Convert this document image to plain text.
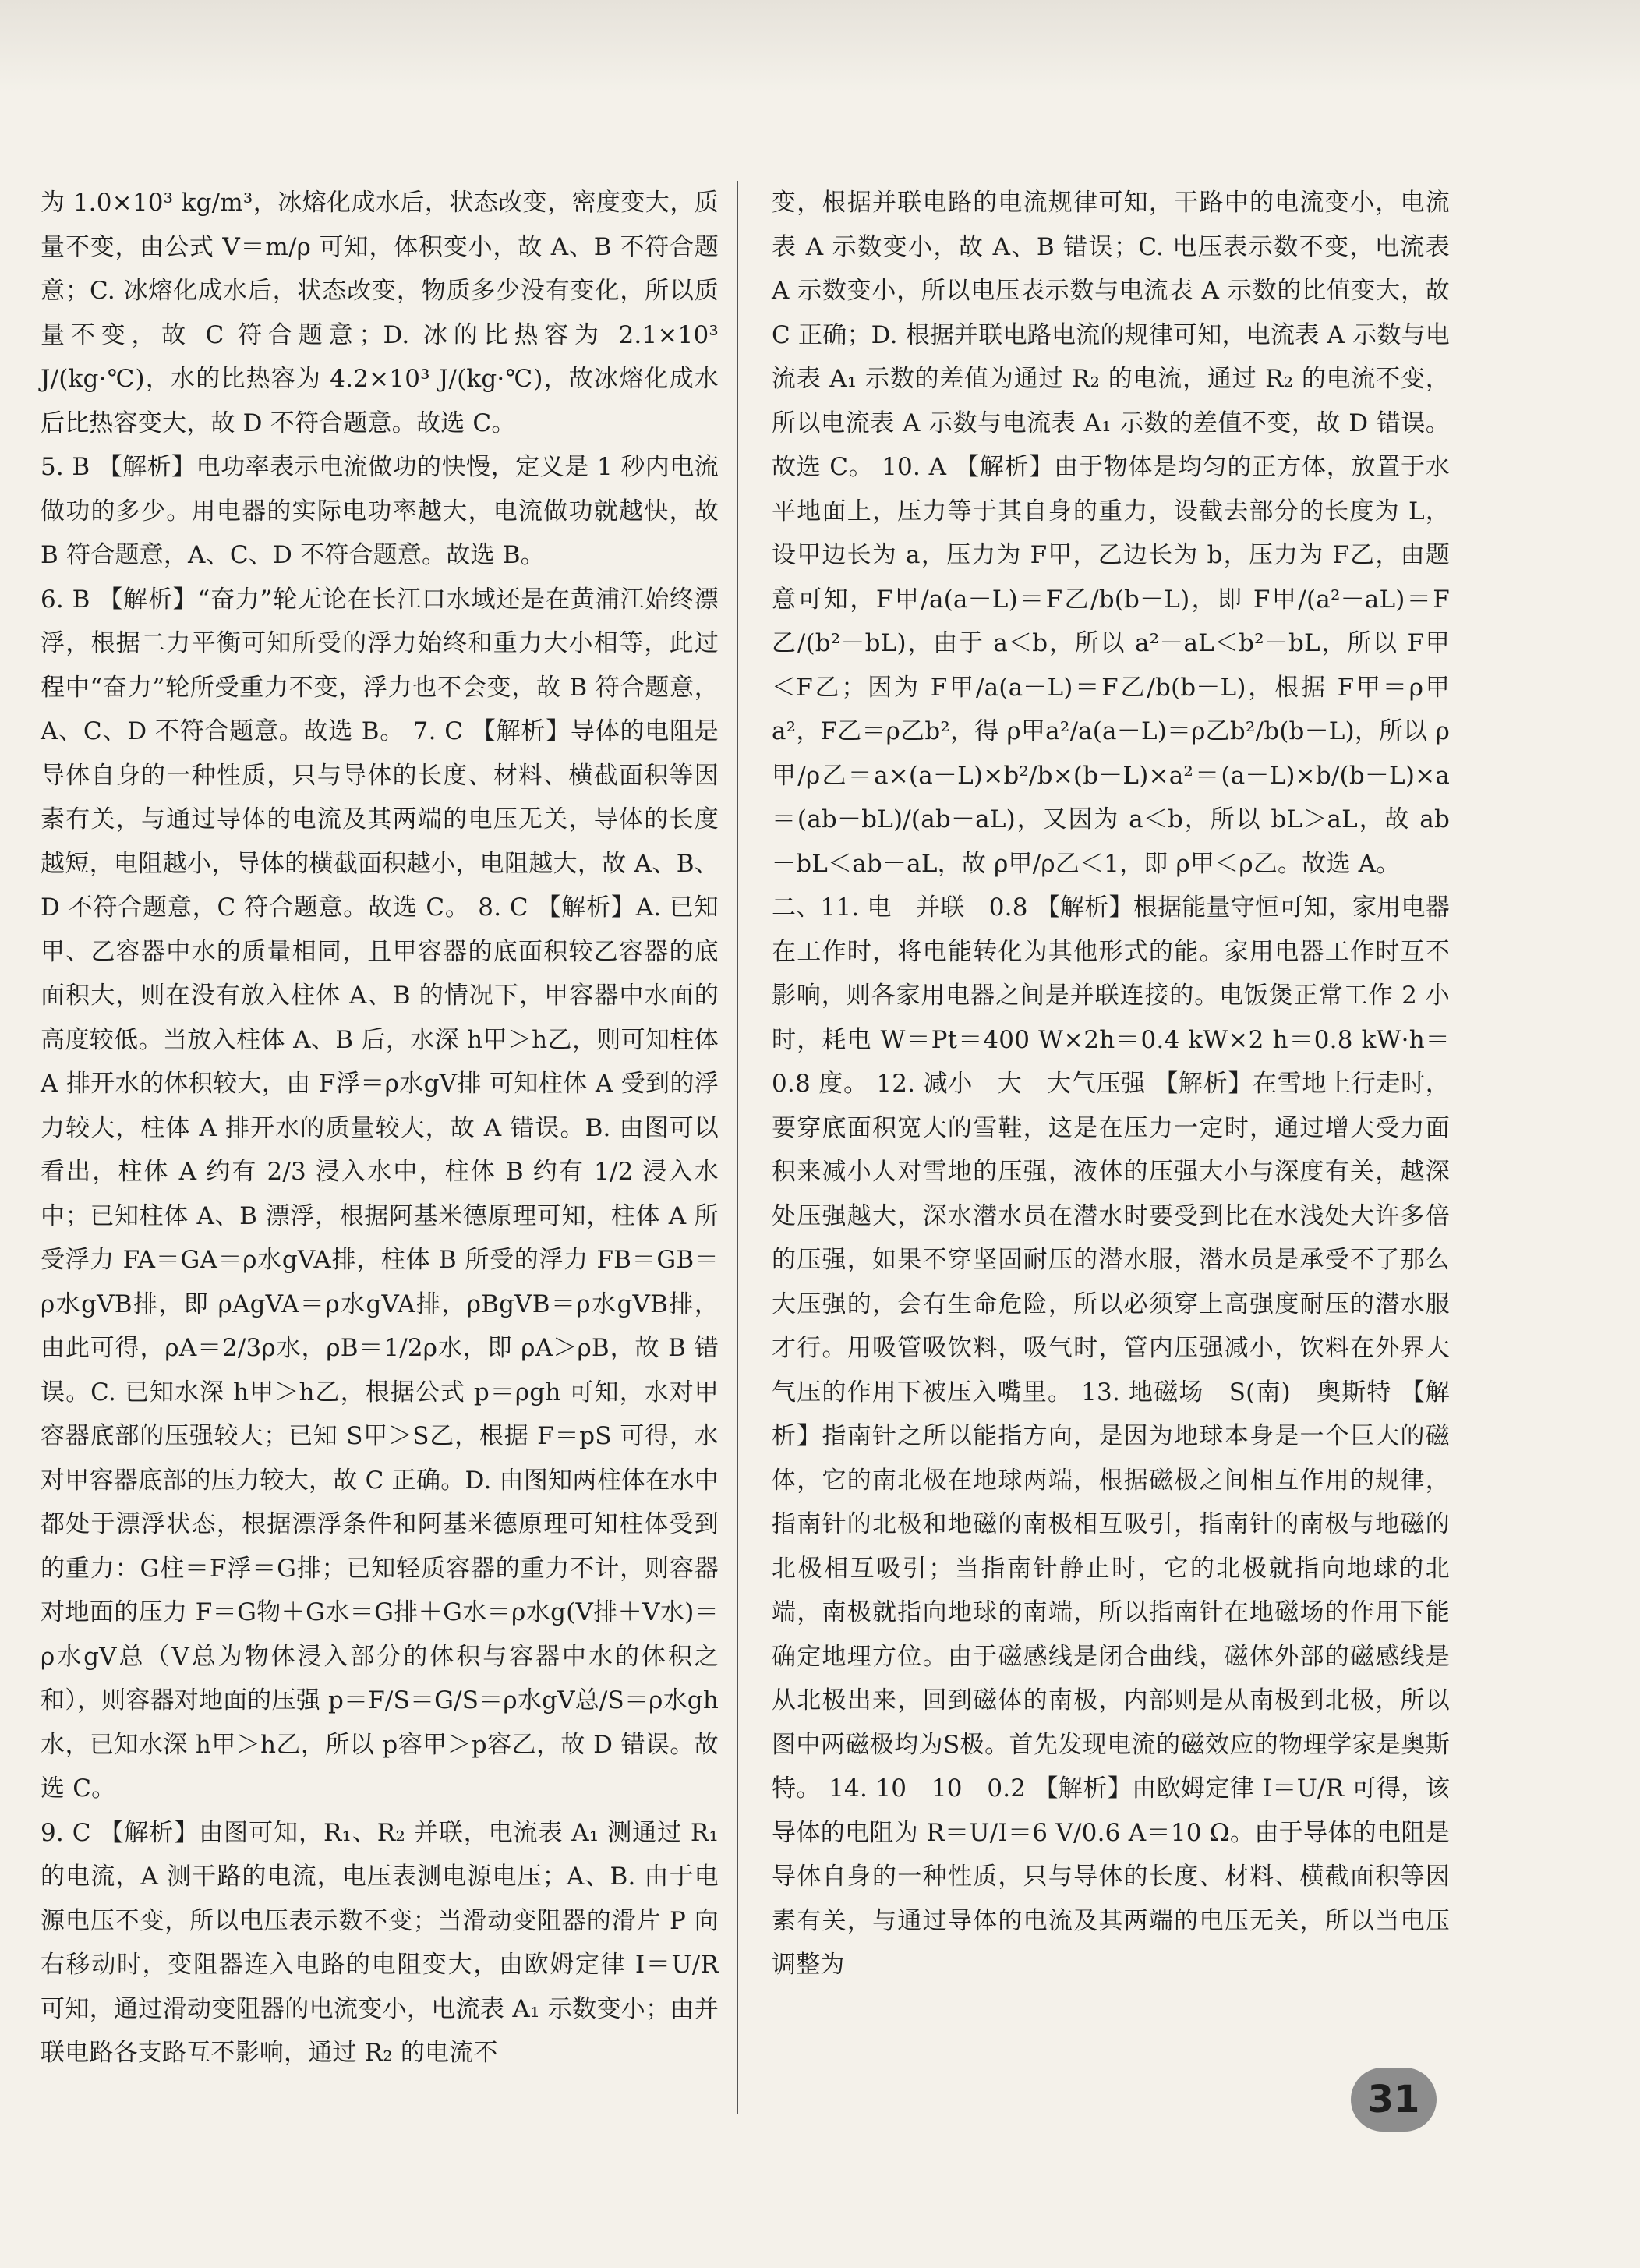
为 1.0×10³ kg/m³，冰熔化成水后，状态改变，密度变大，质量不变，由公式 V＝m/ρ 可知，体积变小，故 A、B 不符合题意；C. 冰熔化成水后，状态改变，物质多少没有变化，所以质量不变，故 C 符合题意；D. 冰的比热容为 2.1×10³ J/(kg·℃)，水的比热容为 4.2×10³ J/(kg·℃)，故冰熔化成水后比热容变大，故 D 不符合题意。故选 C。

5. B 【解析】电功率表示电流做功的快慢，定义是 1 秒内电流做功的多少。用电器的实际电功率越大，电流做功就越快，故 B 符合题意，A、C、D 不符合题意。故选 B。

6. B 【解析】“奋力”轮无论在长江口水域还是在黄浦江始终漂浮，根据二力平衡可知所受的浮力始终和重力大小相等，此过程中“奋力”轮所受重力不变，浮力也不会变，故 B 符合题意，A、C、D 不符合题意。故选 B。 7. C 【解析】导体的电阻是导体自身的一种性质，只与导体的长度、材料、横截面积等因素有关，与通过导体的电流及其两端的电压无关，导体的长度越短，电阻越小，导体的横截面积越小，电阻越大，故 A、B、D 不符合题意，C 符合题意。故选 C。 8. C 【解析】A. 已知甲、乙容器中水的质量相同，且甲容器的底面积较乙容器的底面积大，则在没有放入柱体 A、B 的情况下，甲容器中水面的高度较低。当放入柱体 A、B 后，水深 h甲＞h乙，则可知柱体 A 排开水的体积较大，由 F浮＝ρ水gV排 可知柱体 A 受到的浮力较大，柱体 A 排开水的质量较大，故 A 错误。B. 由图可以看出，柱体 A 约有 2/3 浸入水中，柱体 B 约有 1/2 浸入水中；已知柱体 A、B 漂浮，根据阿基米德原理可知，柱体 A 所受浮力 FA＝GA＝ρ水gVA排，柱体 B 所受的浮力 FB＝GB＝ρ水gVB排，即 ρAgVA＝ρ水gVA排，ρBgVB＝ρ水gVB排，由此可得，ρA＝2/3ρ水，ρB＝1/2ρ水，即 ρA＞ρB，故 B 错误。C. 已知水深 h甲＞h乙，根据公式 p＝ρgh 可知，水对甲容器底部的压强较大；已知 S甲＞S乙，根据 F＝pS 可得，水对甲容器底部的压力较大，故 C 正确。D. 由图知两柱体在水中都处于漂浮状态，根据漂浮条件和阿基米德原理可知柱体受到的重力：G柱＝F浮＝G排；已知轻质容器的重力不计，则容器对地面的压力 F＝G物＋G水＝G排＋G水＝ρ水g(V排＋V水)＝ρ水gV总（V总为物体浸入部分的体积与容器中水的体积之和），则容器对地面的压强 p＝F/S＝G/S＝ρ水gV总/S＝ρ水gh水，已知水深 h甲＞h乙，所以 p容甲＞p容乙，故 D 错误。故选 C。

9. C 【解析】由图可知，R₁、R₂ 并联，电流表 A₁ 测通过 R₁ 的电流，A 测干路的电流，电压表测电源电压；A、B. 由于电源电压不变，所以电压表示数不变；当滑动变阻器的滑片 P 向右移动时，变阻器连入电路的电阻变大，由欧姆定律 I＝U/R 可知，通过滑动变阻器的电流变小，电流表 A₁ 示数变小；由并联电路各支路互不影响，通过 R₂ 的电流不

变，根据并联电路的电流规律可知，干路中的电流变小，电流表 A 示数变小，故 A、B 错误；C. 电压表示数不变，电流表 A 示数变小，所以电压表示数与电流表 A 示数的比值变大，故 C 正确；D. 根据并联电路电流的规律可知，电流表 A 示数与电流表 A₁ 示数的差值为通过 R₂ 的电流，通过 R₂ 的电流不变，所以电流表 A 示数与电流表 A₁ 示数的差值不变，故 D 错误。故选 C。 10. A 【解析】由于物体是均匀的正方体，放置于水平地面上，压力等于其自身的重力，设截去部分的长度为 L，设甲边长为 a，压力为 F甲，乙边长为 b，压力为 F乙，由题意可知，F甲/a(a－L)＝F乙/b(b－L)，即 F甲/(a²－aL)＝F乙/(b²－bL)，由于 a＜b，所以 a²－aL＜b²－bL，所以 F甲＜F乙；因为 F甲/a(a－L)＝F乙/b(b－L)，根据 F甲＝ρ甲a²，F乙＝ρ乙b²，得 ρ甲a²/a(a－L)＝ρ乙b²/b(b－L)，所以 ρ甲/ρ乙＝a×(a－L)×b²/b×(b－L)×a²＝(a－L)×b/(b－L)×a＝(ab－bL)/(ab－aL)，又因为 a＜b，所以 bL＞aL，故 ab－bL＜ab－aL，故 ρ甲/ρ乙＜1，即 ρ甲＜ρ乙。故选 A。

二、11. 电　并联　0.8 【解析】根据能量守恒可知，家用电器在工作时，将电能转化为其他形式的能。家用电器工作时互不影响，则各家用电器之间是并联连接的。电饭煲正常工作 2 小时，耗电 W＝Pt＝400 W×2h＝0.4 kW×2 h＝0.8 kW·h＝0.8 度。 12. 减小　大　大气压强 【解析】在雪地上行走时，要穿底面积宽大的雪鞋，这是在压力一定时，通过增大受力面积来减小人对雪地的压强，液体的压强大小与深度有关，越深处压强越大，深水潜水员在潜水时要受到比在水浅处大许多倍的压强，如果不穿坚固耐压的潜水服，潜水员是承受不了那么大压强的，会有生命危险，所以必须穿上高强度耐压的潜水服才行。用吸管吸饮料，吸气时，管内压强减小，饮料在外界大气压的作用下被压入嘴里。 13. 地磁场　S(南)　奥斯特 【解析】指南针之所以能指方向，是因为地球本身是一个巨大的磁体，它的南北极在地球两端，根据磁极之间相互作用的规律，指南针的北极和地磁的南极相互吸引，指南针的南极与地磁的北极相互吸引；当指南针静止时，它的北极就指向地球的北端，南极就指向地球的南端，所以指南针在地磁场的作用下能确定地理方位。由于磁感线是闭合曲线，磁体外部的磁感线是从北极出来，回到磁体的南极，内部则是从南极到北极，所以图中两磁极均为S极。首先发现电流的磁效应的物理学家是奥斯特。 14. 10　10　0.2 【解析】由欧姆定律 I＝U/R 可得，该导体的电阻为 R＝U/I＝6 V/0.6 A＝10 Ω。由于导体的电阻是导体自身的一种性质，只与导体的长度、材料、横截面积等因素有关，与通过导体的电流及其两端的电压无关，所以当电压调整为

31
